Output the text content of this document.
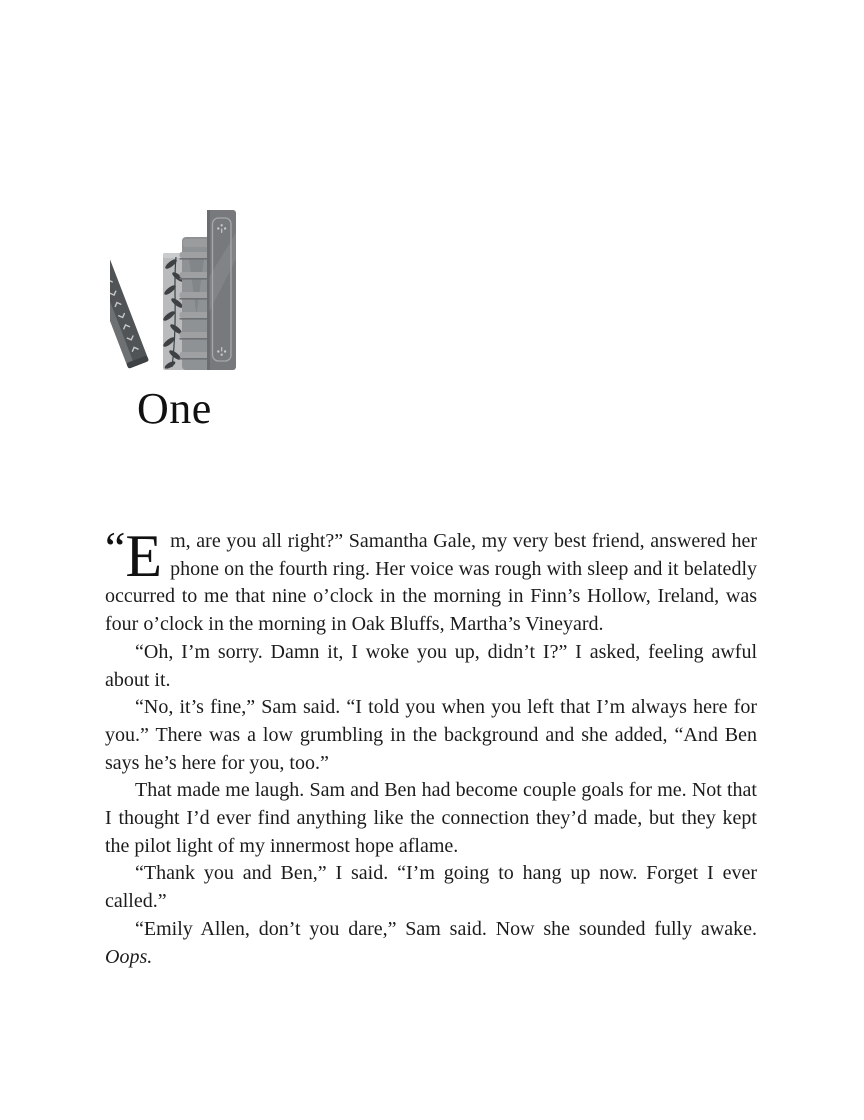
One

“ E m, are you all right?” Samantha Gale, my very best friend, answered her phone on the fourth ring. Her voice was rough with sleep and it belatedly occurred to me that nine o’clock in the morning in Finn’s Hollow, Ireland, was four o’clock in the morning in Oak Bluffs, Martha’s Vineyard.

“Oh, I’m sorry. Damn it, I woke you up, didn’t I?” I asked, feeling awful about it.

“No, it’s fine,” Sam said. “I told you when you left that I’m always here for you.” There was a low grumbling in the background and she added, “And Ben says he’s here for you, too.”

That made me laugh. Sam and Ben had become couple goals for me. Not that I thought I’d ever find anything like the connection they’d made, but they kept the pilot light of my innermost hope aflame.

“Thank you and Ben,” I said. “I’m going to hang up now. Forget I ever called.”

“Emily Allen, don’t you dare,” Sam said. Now she sounded fully awake. Oops.
